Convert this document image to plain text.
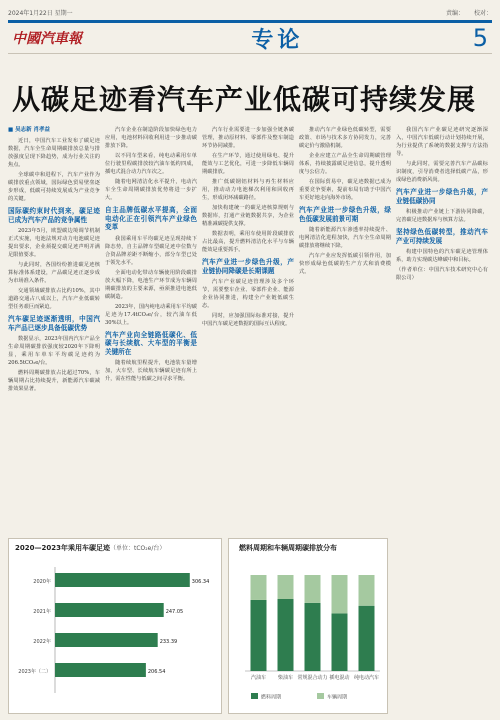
2024年1月22日 星期一	责编： 校对：
中國汽車報	专论	5
从碳足迹看汽车产业低碳可持续发展
■ 吴志新 肖孝益

近日，中国汽车工业发布了碳足迹数据，汽车全生命周期碳排放总量与排放强度呈现下降趋势，成为行业关注的焦点。

全球碳中和进程下，汽车产业作为碳排放重点领域，国际绿色贸易壁垒逐步形成，低碳可持续发展成为产业竞争的关键。

国际碳约束时代到来，碳足迹已成为汽车产品的竞争属性

2023年5月，欧盟碳边境调节机制正式实施，电池法规对动力电池碳足迹提出要求，企业须提交碳足迹声明并满足限值要求。

与此同时，各国纷纷推进碳足迹核算标准体系建设，产品碳足迹正逐步成为市场准入条件。

交通领域碳排放占比约10%，其中道路交通占八成以上，汽车产业低碳转型任务艰巨而紧迫。

汽车碳足迹逐渐透明，中国汽车产品已逐步具备低碳优势

数据显示，2023年国内汽车产品全生命周期碳排放强度较2020年下降明显，乘用车单车平均碳足迹约为206.5tCO₂e/台。

燃料周期碳排放占比超过70%，车辆周期占比持续提升，新能源汽车碳减排效果显著。

汽车企业在制造阶段加快绿色电力应用，电池材料回收利用进一步推动碳排放下降。

以不同车型来看，纯电动乘用车单位行驶里程碳排放较汽油车低约四成，插电式混合动力汽车次之。

随着电网清洁化水平提升，电动汽车全生命周期碳排放优势将进一步扩大。

自主品牌低碳水平提高，全面电动化正在引领汽车产业绿色变革

我国乘用车平均碳足迹呈现持续下降态势，自主品牌车型碳足迹中位数与合资品牌差距不断缩小，部分车型已处于领先水平。

全面电动化带动车辆使用阶段碳排放大幅下降，电池生产环节成为车辆周期碳排放的主要来源，亟须推进电池低碳制造。

2023年，国内纯电动乘用车平均碳足迹为17.4tCO₂e/台，较汽油车低30%以上。

汽车产业向全链路低碳化、低碳与长续航、大车型的平衡是关键所在

随着续航里程提升，电池装车量增加，大车型、长续航车辆碳足迹有所上升，需在性能与低碳之间寻求平衡。

汽车行业需要进一步加强全链条碳管理，推动原材料、零部件及整车制造环节协同减排。

在生产环节，通过使用绿电、提升能效与工艺优化，可进一步降低车辆周期碳排放。

推广低碳钢铝材料与再生材料应用，推动动力电池梯次利用和回收再生，形成闭环减碳路径。

加快构建统一的碳足迹核算规则与数据库，打通产业链数据共享，为企业精准减碳提供支撑。

数据表明，乘用车使用阶段碳排放占比最高，提升燃料清洁化水平与车辆能效是重要抓手。

汽车产业进一步绿色升级，产业链协同降碳是长期课题

汽车产业碳足迹管理涉及多个环节，需要整车企业、零部件企业、能源企业协同推进，构建全产业链低碳生态。

同时，应加强国际标准对接，提升中国汽车碳足迹数据的国际互认程度。

推动汽车产业绿色低碳转型，需要政策、市场与技术多方协同发力，完善碳定价与激励机制。

企业应建立产品全生命周期碳管理体系，持续披露碳足迹信息，提升透明度与公信力。

在国际贸易中，碳足迹数据已成为重要竞争要素，提前布局有助于中国汽车更好地走向海外市场。

汽车产业进一步绿色升级，绿色低碳发展前景可期

随着新能源汽车渗透率持续提升、电网清洁化进程加快，汽车全生命周期碳排放将继续下降。

汽车产业应发挥低碳引领作用，加快形成绿色低碳的生产方式和消费模式。

我国汽车产业碳足迹研究逐渐深入，中国汽车低碳行动计划持续开展，为行业提供了系统的数据支撑与方法指导。

与此同时，需要完善汽车产品碳标识制度，引导消费者选择低碳产品，形成绿色消费新风尚。

汽车产业进一步绿色升级，产业链低碳协同

积极推动产业链上下游协同降碳，完善碳足迹数据库与核算方法。

坚持绿色低碳转型，推动汽车产业可持续发展

构建中国特色的汽车碳足迹管理体系，助力实现碳达峰碳中和目标。

（作者单位：中国汽车技术研究中心有限公司）
2020—2023年乘用车碳足迹（单位：tCO₂e/台）
2020年	306.34
2021年	247.05
2022年	233.39
2023年（二）	206.54
燃料周期和车辆周期碳排放分布
汽油车 柴油车 常规混合动力 插电混动 纯电动汽车
燃料周期	车辆周期
